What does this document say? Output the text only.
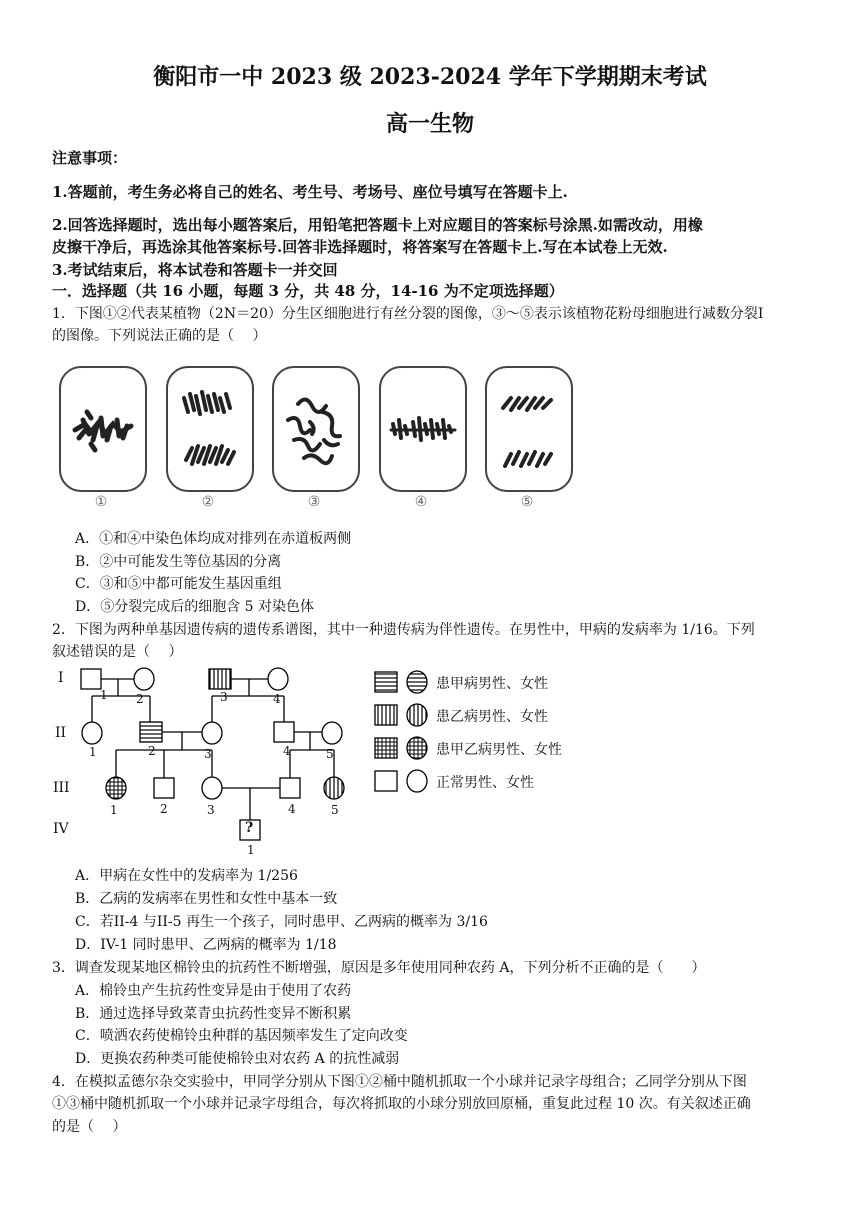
衡阳市一中 2023 级 2023-2024 学年下学期期末考试
高一生物
注意事项：
1.答题前，考生务必将自己的姓名、考生号、考场号、座位号填写在答题卡上.
2.回答选择题时，选出每小题答案后，用铅笔把答题卡上对应题目的答案标号涂黑.如需改动，用橡
皮擦干净后，再选涂其他答案标号.回答非选择题时，将答案写在答题卡上.写在本试卷上无效.
3.考试结束后，将本试卷和答题卡一并交回
一．选择题（共 16 小题，每题 3 分，共 48 分，14-16 为不定项选择题）
1．下图①②代表某植物（2N＝20）分生区细胞进行有丝分裂的图像，③～⑤表示该植物花粉母细胞进行减数分裂I
的图像。下列说法正确的是（　 ）
①	②	③	④	⑤
A．①和④中染色体均成对排列在赤道板两侧
B．②中可能发生等位基因的分离
C．③和⑤中都可能发生基因重组
D．⑤分裂完成后的细胞含 5 对染色体
2．下图为两种单基因遗传病的遗传系谱图，其中一种遗传病为伴性遗传。在男性中，甲病的发病率为 1/16。下列
叙述错误的是（　 ）
?
I
II
III
IV
1 2	3	4
1	2	3	4	5
1	2	3	4	5
1
患甲病男性、女性
患乙病男性、女性
患甲乙病男性、女性
正常男性、女性
A．甲病在女性中的发病率为 1/256
B．乙病的发病率在男性和女性中基本一致
C．若II-4 与II-5 再生一个孩子，同时患甲、乙两病的概率为 3/16
D．IV-1 同时患甲、乙两病的概率为 1/18
3．调查发现某地区棉铃虫的抗药性不断增强，原因是多年使用同种农药 A，下列分析不正确的是（　　）
A．棉铃虫产生抗药性变异是由于使用了农药
B．通过选择导致菜青虫抗药性变异不断积累
C．喷洒农药使棉铃虫种群的基因频率发生了定向改变
D．更换农药种类可能使棉铃虫对农药 A 的抗性减弱
4．在模拟孟德尔杂交实验中，甲同学分别从下图①②桶中随机抓取一个小球并记录字母组合；乙同学分别从下图
①③桶中随机抓取一个小球并记录字母组合，每次将抓取的小球分别放回原桶，重复此过程 10 次。有关叙述正确
的是（　 ）
